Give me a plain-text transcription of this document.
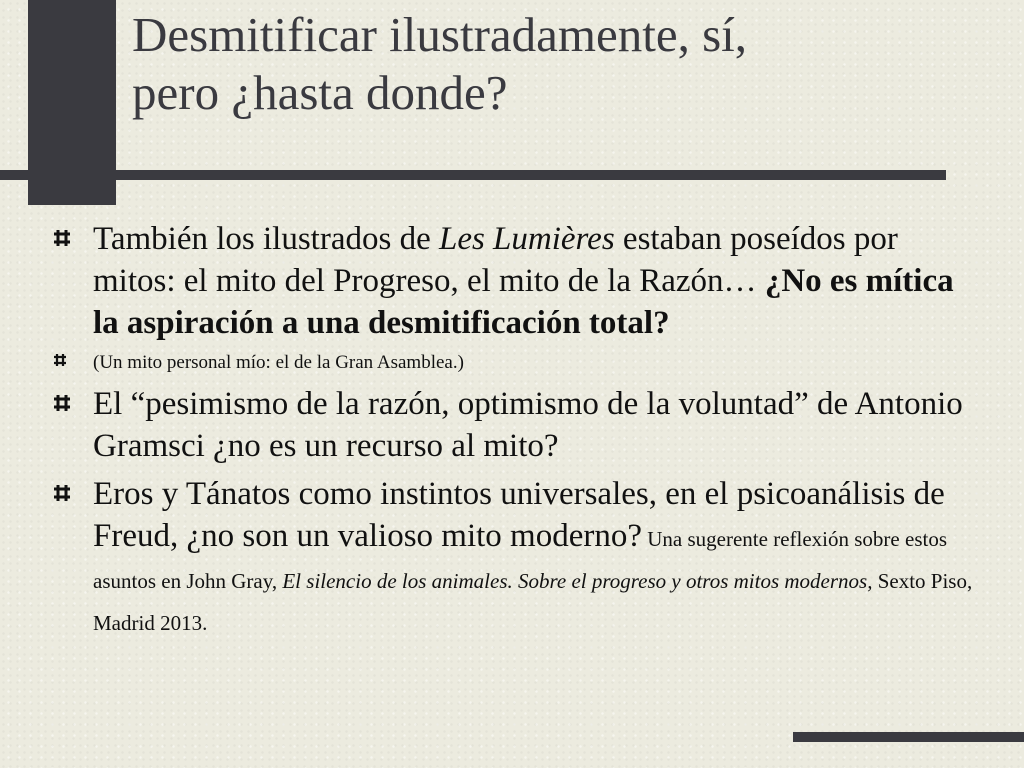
Desmitificar ilustradamente, sí,
pero ¿hasta donde?
También los ilustrados de Les Lumières estaban poseídos por mitos: el mito del Progreso, el mito de la Razón… ¿No es mítica la aspiración a una desmitificación total?
(Un mito personal mío: el de la Gran Asamblea.)
El “pesimismo de la razón, optimismo de la voluntad” de Antonio Gramsci ¿no es un recurso al mito?
Eros y Tánatos como instintos universales, en el psicoanálisis de Freud, ¿no son un valioso mito moderno? Una sugerente reflexión sobre estos asuntos en John Gray, El silencio de los animales. Sobre el progreso y otros mitos modernos, Sexto Piso, Madrid 2013.
